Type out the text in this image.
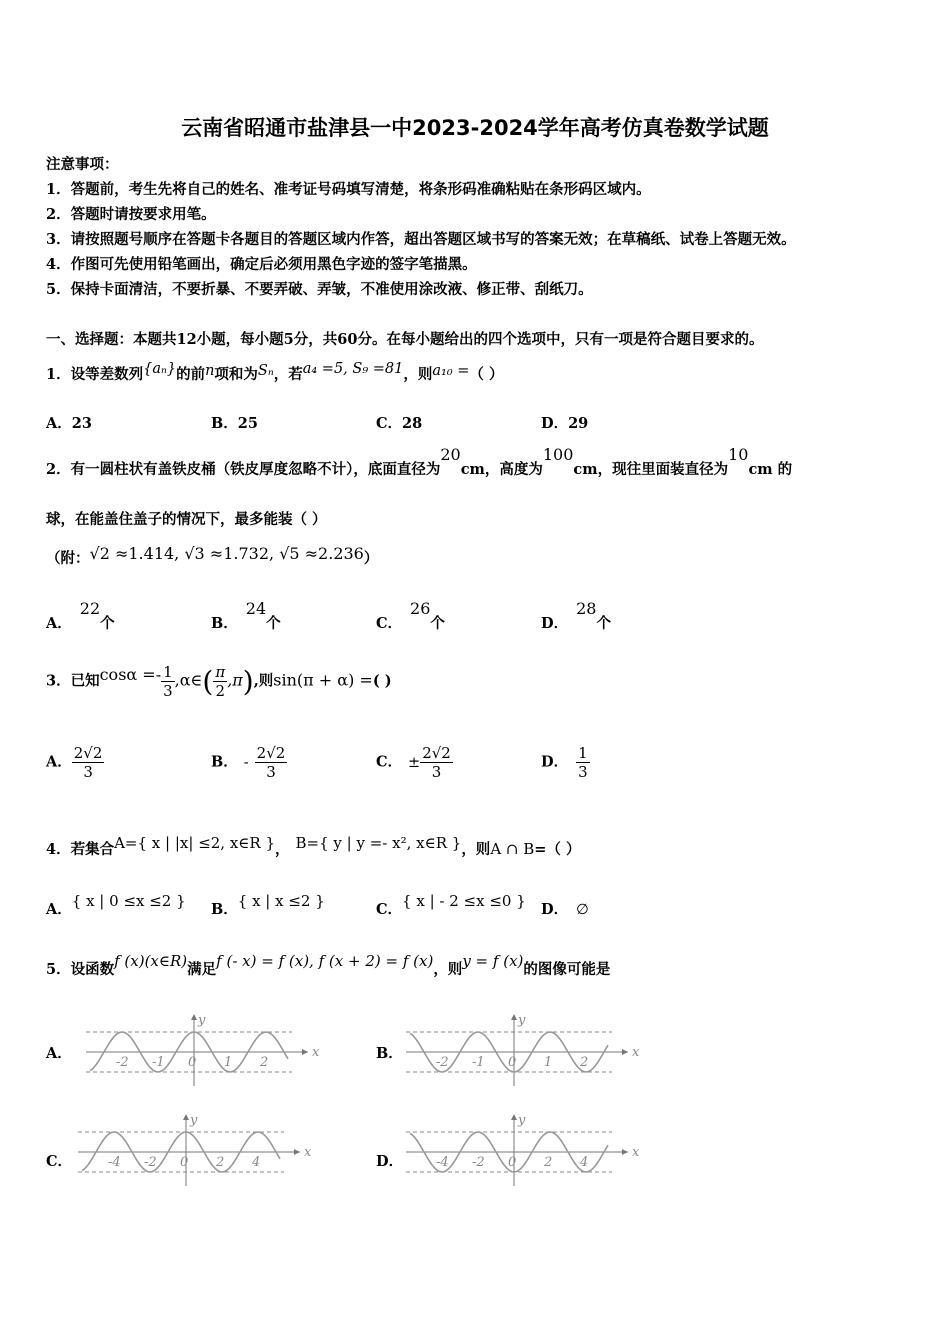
云南省昭通市盐津县一中2023-2024学年高考仿真卷数学试题
注意事项：
1．答题前，考生先将自己的姓名、准考证号码填写清楚，将条形码准确粘贴在条形码区域内。
2．答题时请按要求用笔。
3．请按照题号顺序在答题卡各题目的答题区域内作答，超出答题区域书写的答案无效；在草稿纸、试卷上答题无效。
4．作图可先使用铅笔画出，确定后必须用黑色字迹的签字笔描黑。
5．保持卡面清洁，不要折暴、不要弄破、弄皱，不准使用涂改液、修正带、刮纸刀。
一、选择题：本题共12小题，每小题5分，共60分。在每小题给出的四个选项中，只有一项是符合题目要求的。
1．设等差数列{aₙ}的前n项和为Sₙ，若a₄ =5, S₉ =81，则a₁₀ =（ ）
A．23	B．25	C．28	D．29
2．有一圆柱状有盖铁皮桶（铁皮厚度忽略不计），底面直径为20cm，高度为100cm，现往里面装直径为10cm 的
球，在能盖住盖子的情况下，最多能装（ ）
（附：√2 ≈1.414, √3 ≈1.732, √5 ≈2.236）
A．22个	B．24个	C．26个	D．28个
3．已知$\cos\alpha =- \frac{1}{3}$ ,α∈( $\frac{\pi}{2} ,\pi$),则sin(π + α) =( )
A． $\frac{2√2}{3}$	B． - $\frac{2√2}{3}$	C． ± $\frac{2√2}{3}$	D． $\frac{1}{3}$
4．若集合A={ x | |x| ≤2, x∈R }， B={ y | y =- x², x∈R }，则A ∩ B=（ ）
A．{ x | 0 ≤x ≤2 } B．{ x | x ≤2 }	C．{ x | - 2 ≤x ≤0 } D． ∅
5．设函数f (x)(x∈R)满足f (- x) = f (x), f (x + 2) = f (x)，则y = f (x)的图像可能是
A．	B．
C．	D．
x
y
-2 -1 0 1 2
x
y
-2 -1 0 1 2
x
y
-4 -2 0 2 4
x
y
-4 -2 0 2 4
